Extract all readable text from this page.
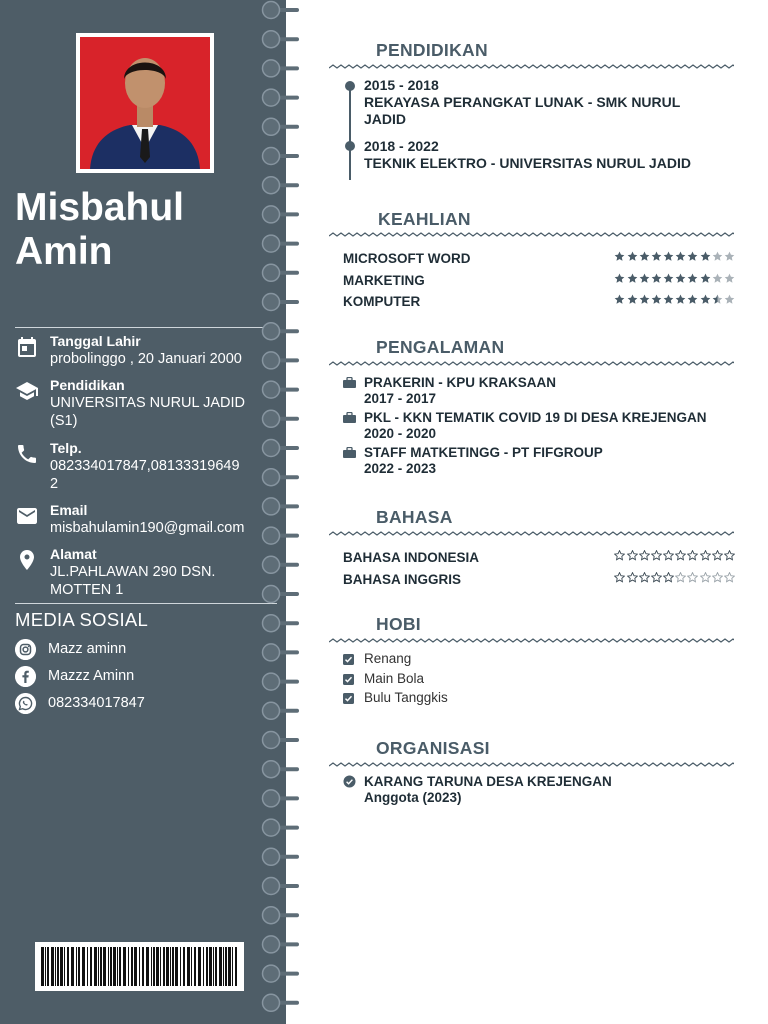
Misbahul
Amin
Tanggal Lahir
probolinggo , 20 Januari 2000
Pendidikan
UNIVERSITAS NURUL JADID
(S1)
Telp.
082334017847,08133319649
2
Email
misbahulamin190@gmail.com
Alamat
JL.PAHLAWAN 290 DSN.
MOTTEN 1
MEDIA SOSIAL
Mazz aminn
Mazzz Aminn
082334017847
PENDIDIKAN
2015 - 2018
REKAYASA PERANGKAT LUNAK - SMK NURUL
JADID
2018 - 2022
TEKNIK ELEKTRO - UNIVERSITAS NURUL JADID
KEAHLIAN
MICROSOFT WORD
MARKETING
KOMPUTER
PENGALAMAN
PRAKERIN - KPU KRAKSAAN
2017 - 2017
PKL - KKN TEMATIK COVID 19 DI DESA KREJENGAN
2020 - 2020
STAFF MATKETINGG - PT FIFGROUP
2022 - 2023
BAHASA
BAHASA INDONESIA
BAHASA INGGRIS
HOBI
Renang
Main Bola
Bulu Tanggkis
ORGANISASI
KARANG TARUNA DESA KREJENGAN
Anggota (2023)
